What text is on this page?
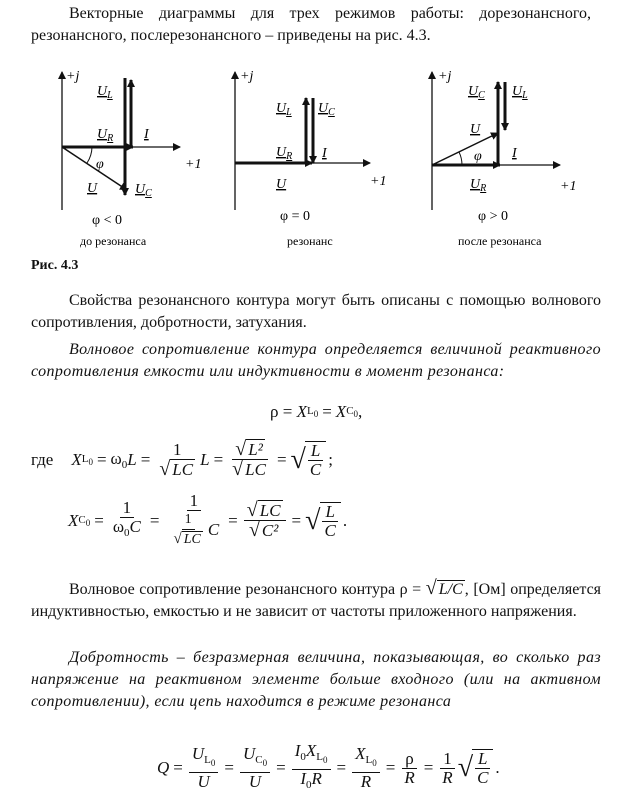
Векторные диаграммы для трех режимов работы: дорезонансного, резонансного, послерезонансного – приведены на рис. 4.3.
+j
$U_L$
$U_R$ I
φ	+1
U	$U_C$
+j
$U_L$ $U_C$
$U_R$ I
+1
U
+j
$U_C$ $U_L$
U
φ I
$U_R$	+1
φ < 0	φ = 0	φ > 0
до резонанса	резонанс	после резонанса
Рис. 4.3
Свойства резонансного контура могут быть описаны с помощью волнового сопротивления, добротности, затухания.
Волновое сопротивление контура определяется величиной реактивного сопротивления емкости или индуктивности в момент резонанса:
ρ = X $L_0 = X$ $C_0$ ,
где X $L_0 = \omega_0$ $L = \frac{1}{√ LC}$ $L = \frac{\text{√ L²}}{√ LC}$ = √ $\frac{L}{C}$ ;
X $C_0 = \frac{1}{\omega_0C} = \frac{1}{\frac{1}{√ LC} C} = \frac{√ LC}{\text{√ C²}}$ = √ $\frac{L}{C}$ .
Волновое сопротивление резонансного контура ρ = √ L/C , [Ом] определяется индуктивностью, емкостью и не зависит от частоты приложенного напряжения.
Добротность – безразмерная величина, показывающая, во сколько раз напряжение на реактивном элементе больше входного (или на активном сопротивлении), если цепь находится в режиме резонанса
$Q = \frac{U_{L_0}}{U} = \frac{U_{C_0}}{U} = \frac{I_0X_{L_0}}{I_0R} = \frac{X_{L_0}}{R} = \frac{\rho}{R} = \frac{1}{R}$ √ $\frac{L}{C}$ .
